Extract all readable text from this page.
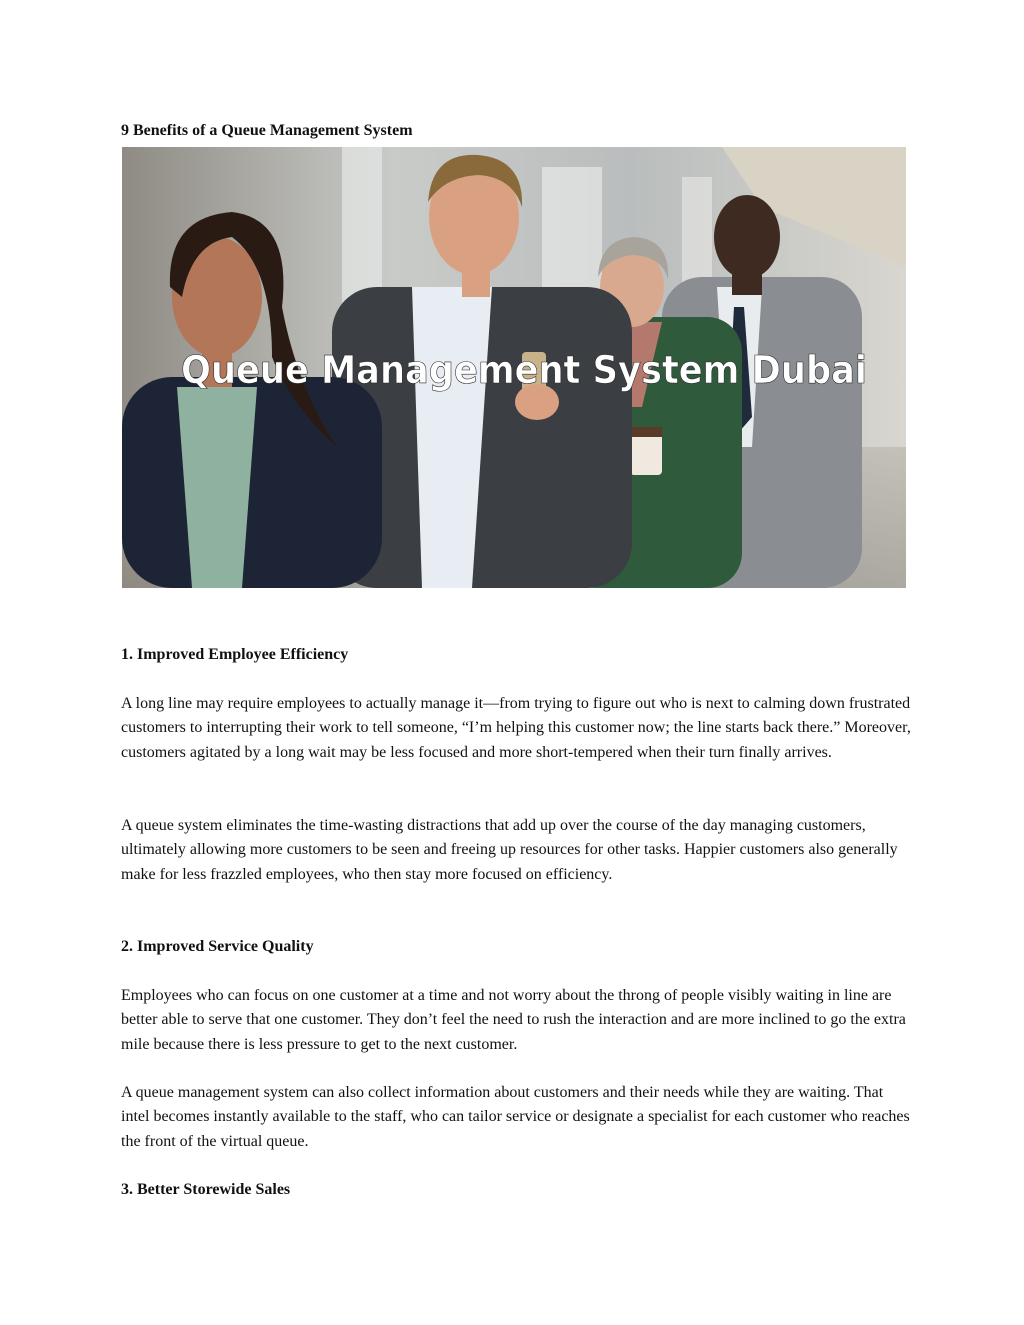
9 Benefits of a Queue Management System
Queue Management System Dubai
1. Improved Employee Efficiency

A long line may require employees to actually manage it—from trying to figure out who is next to calming down frustrated customers to interrupting their work to tell someone, “I’m helping this customer now; the line starts back there.” Moreover, customers agitated by a long wait may be less focused and more short-tempered when their turn finally arrives.

A queue system eliminates the time-wasting distractions that add up over the course of the day managing customers, ultimately allowing more customers to be seen and freeing up resources for other tasks. Happier customers also generally make for less frazzled employees, who then stay more focused on efficiency.

2. Improved Service Quality

Employees who can focus on one customer at a time and not worry about the throng of people visibly waiting in line are better able to serve that one customer. They don’t feel the need to rush the interaction and are more inclined to go the extra mile because there is less pressure to get to the next customer.

A queue management system can also collect information about customers and their needs while they are waiting. That intel becomes instantly available to the staff, who can tailor service or designate a specialist for each customer who reaches the front of the virtual queue.

3. Better Storewide Sales
